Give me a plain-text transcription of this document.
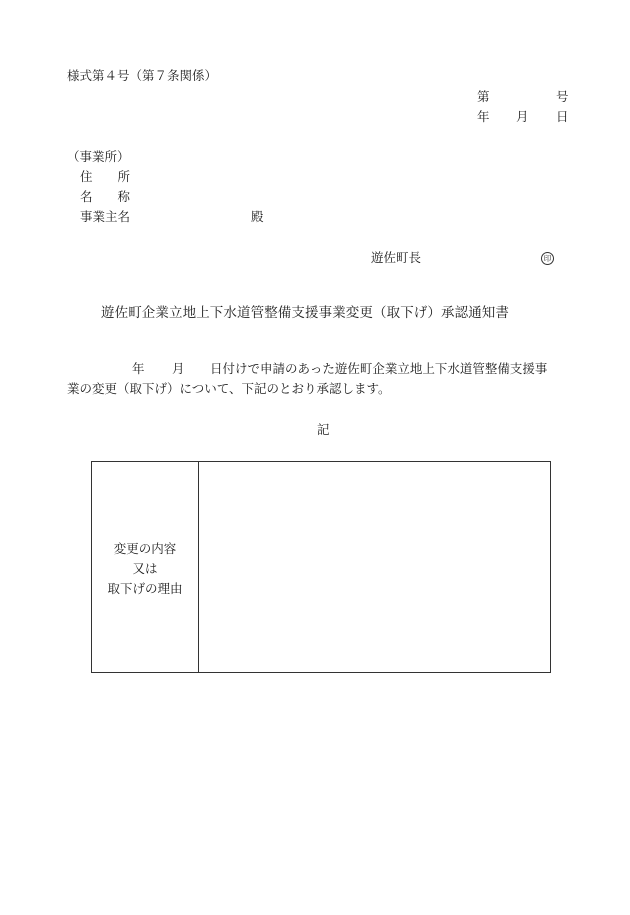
様式第４号（第７条関係）
第	号
年 月 日
（事業所）
住　　所
名　　称
事業主名	殿
遊佐町長	印
遊佐町企業立地上下水道管整備支援事業変更（取下げ）承認通知書
年 月 日付けで申請のあった遊佐町企業立地上下水道管整備支援事
業の変更（取下げ）について、下記のとおり承認します。
記
変更の内容
又は
取下げの理由
